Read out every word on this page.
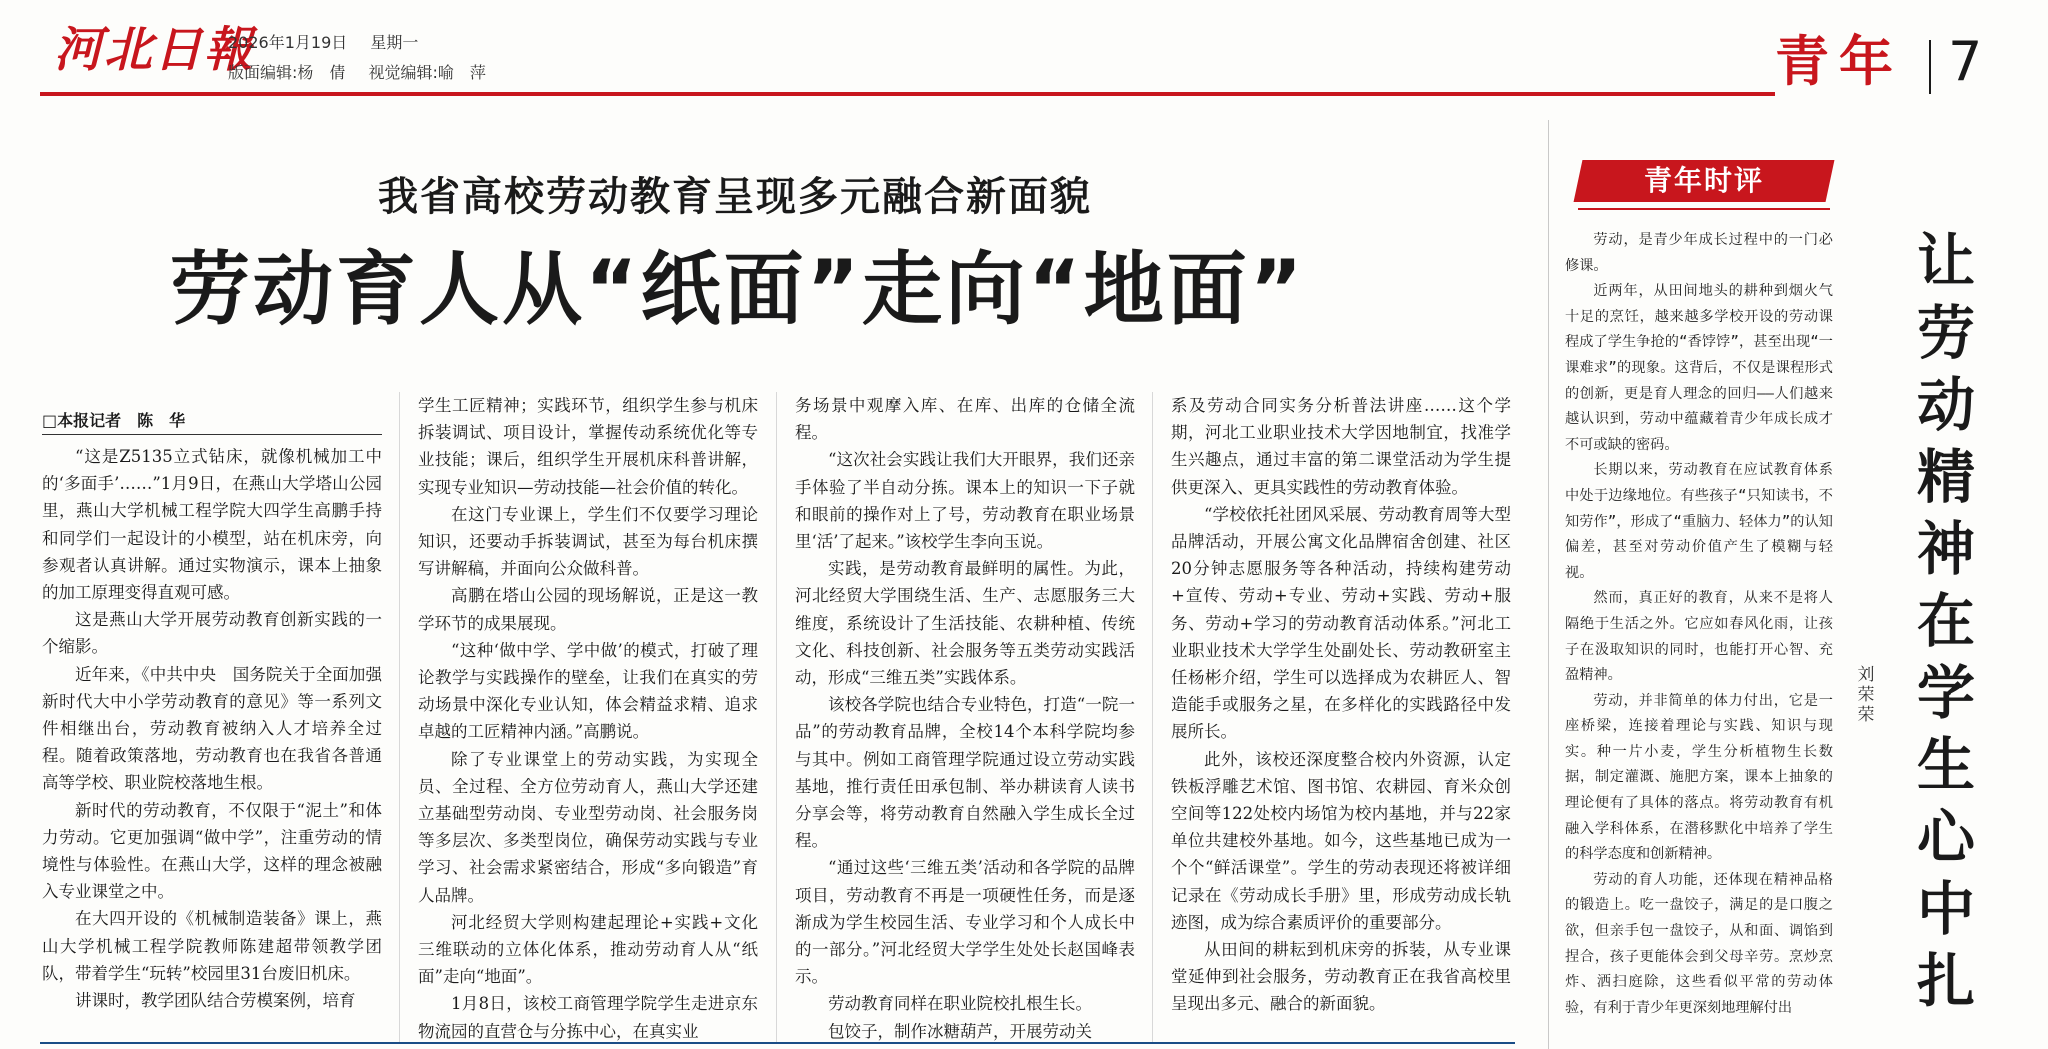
河北日報
2026年1月19日 星期一
版面编辑:杨　倩 视觉编辑:喻　萍	青年 7
我省高校劳动教育呈现多元融合新面貌
劳动育人从“纸面”走向“地面”
□本报记者　陈　华

“这是Z5135立式钻床，就像机械加工中的‘多面手’……”1月9日，在燕山大学塔山公园里，燕山大学机械工程学院大四学生高鹏手持和同学们一起设计的小模型，站在机床旁，向参观者认真讲解。通过实物演示，课本上抽象的加工原理变得直观可感。

这是燕山大学开展劳动教育创新实践的一个缩影。

近年来，《中共中央　国务院关于全面加强新时代大中小学劳动教育的意见》等一系列文件相继出台，劳动教育被纳入人才培养全过程。随着政策落地，劳动教育也在我省各普通高等学校、职业院校落地生根。

新时代的劳动教育，不仅限于“泥土”和体力劳动。它更加强调“做中学”，注重劳动的情境性与体验性。在燕山大学，这样的理念被融入专业课堂之中。

在大四开设的《机械制造装备》课上，燕山大学机械工程学院教师陈建超带领教学团队，带着学生“玩转”校园里31台废旧机床。

讲课时，教学团队结合劳模案例，培育

学生工匠精神；实践环节，组织学生参与机床拆装调试、项目设计，掌握传动系统优化等专业技能；课后，组织学生开展机床科普讲解，实现专业知识—劳动技能—社会价值的转化。

在这门专业课上，学生们不仅要学习理论知识，还要动手拆装调试，甚至为每台机床撰写讲解稿，并面向公众做科普。

高鹏在塔山公园的现场解说，正是这一教学环节的成果展现。

“这种‘做中学、学中做’的模式，打破了理论教学与实践操作的壁垒，让我们在真实的劳动场景中深化专业认知，体会精益求精、追求卓越的工匠精神内涵。”高鹏说。

除了专业课堂上的劳动实践，为实现全员、全过程、全方位劳动育人，燕山大学还建立基础型劳动岗、专业型劳动岗、社会服务岗等多层次、多类型岗位，确保劳动实践与专业学习、社会需求紧密结合，形成“多向锻造”育人品牌。

河北经贸大学则构建起理论+实践+文化三维联动的立体化体系，推动劳动育人从“纸面”走向“地面”。

1月8日，该校工商管理学院学生走进京东物流园的直营仓与分拣中心，在真实业

务场景中观摩入库、在库、出库的仓储全流程。

“这次社会实践让我们大开眼界，我们还亲手体验了半自动分拣。课本上的知识一下子就和眼前的操作对上了号，劳动教育在职业场景里‘活’了起来。”该校学生李向玉说。

实践，是劳动教育最鲜明的属性。为此，河北经贸大学围绕生活、生产、志愿服务三大维度，系统设计了生活技能、农耕种植、传统文化、科技创新、社会服务等五类劳动实践活动，形成“三维五类”实践体系。

该校各学院也结合专业特色，打造“一院一品”的劳动教育品牌，全校14个本科学院均参与其中。例如工商管理学院通过设立劳动实践基地，推行责任田承包制、举办耕读育人读书分享会等，将劳动教育自然融入学生成长全过程。

“通过这些‘三维五类’活动和各学院的品牌项目，劳动教育不再是一项硬性任务，而是逐渐成为学生校园生活、专业学习和个人成长中的一部分。”河北经贸大学学生处处长赵国峰表示。

劳动教育同样在职业院校扎根生长。

包饺子，制作冰糖葫芦，开展劳动关

系及劳动合同实务分析普法讲座……这个学期，河北工业职业技术大学因地制宜，找准学生兴趣点，通过丰富的第二课堂活动为学生提供更深入、更具实践性的劳动教育体验。

“学校依托社团风采展、劳动教育周等大型品牌活动，开展公寓文化品牌宿舍创建、社区20分钟志愿服务等各种活动，持续构建劳动+宣传、劳动+专业、劳动+实践、劳动+服务、劳动+学习的劳动教育活动体系。”河北工业职业技术大学学生处副处长、劳动教研室主任杨彬介绍，学生可以选择成为农耕匠人、智造能手或服务之星，在多样化的实践路径中发展所长。

此外，该校还深度整合校内外资源，认定铁板浮雕艺术馆、图书馆、农耕园、育米众创空间等122处校内场馆为校内基地，并与22家单位共建校外基地。如今，这些基地已成为一个个“鲜活课堂”。学生的劳动表现还将被详细记录在《劳动成长手册》里，形成劳动成长轨迹图，成为综合素质评价的重要部分。

从田间的耕耘到机床旁的拆装，从专业课堂延伸到社会服务，劳动教育正在我省高校里呈现出多元、融合的新面貌。

青年时评

劳动，是青少年成长过程中的一门必修课。

近两年，从田间地头的耕种到烟火气十足的烹饪，越来越多学校开设的劳动课程成了学生争抢的“香饽饽”，甚至出现“一课难求”的现象。这背后，不仅是课程形式的创新，更是育人理念的回归——人们越来越认识到，劳动中蕴藏着青少年成长成才不可或缺的密码。

长期以来，劳动教育在应试教育体系中处于边缘地位。有些孩子“只知读书，不知劳作”，形成了“重脑力、轻体力”的认知偏差，甚至对劳动价值产生了模糊与轻视。

然而，真正好的教育，从来不是将人隔绝于生活之外。它应如春风化雨，让孩子在汲取知识的同时，也能打开心智、充盈精神。

劳动，并非简单的体力付出，它是一座桥梁，连接着理论与实践、知识与现实。种一片小麦，学生分析植物生长数据，制定灌溉、施肥方案，课本上抽象的理论便有了具体的落点。将劳动教育有机融入学科体系，在潜移默化中培养了学生的科学态度和创新精神。

劳动的育人功能，还体现在精神品格的锻造上。吃一盘饺子，满足的是口腹之欲，但亲手包一盘饺子，从和面、调馅到捏合，孩子更能体会到父母辛劳。烹炒烹炸、洒扫庭除，这些看似平常的劳动体验，有利于青少年更深刻地理解付出

刘荣荣
让劳动精神在学生心中扎
